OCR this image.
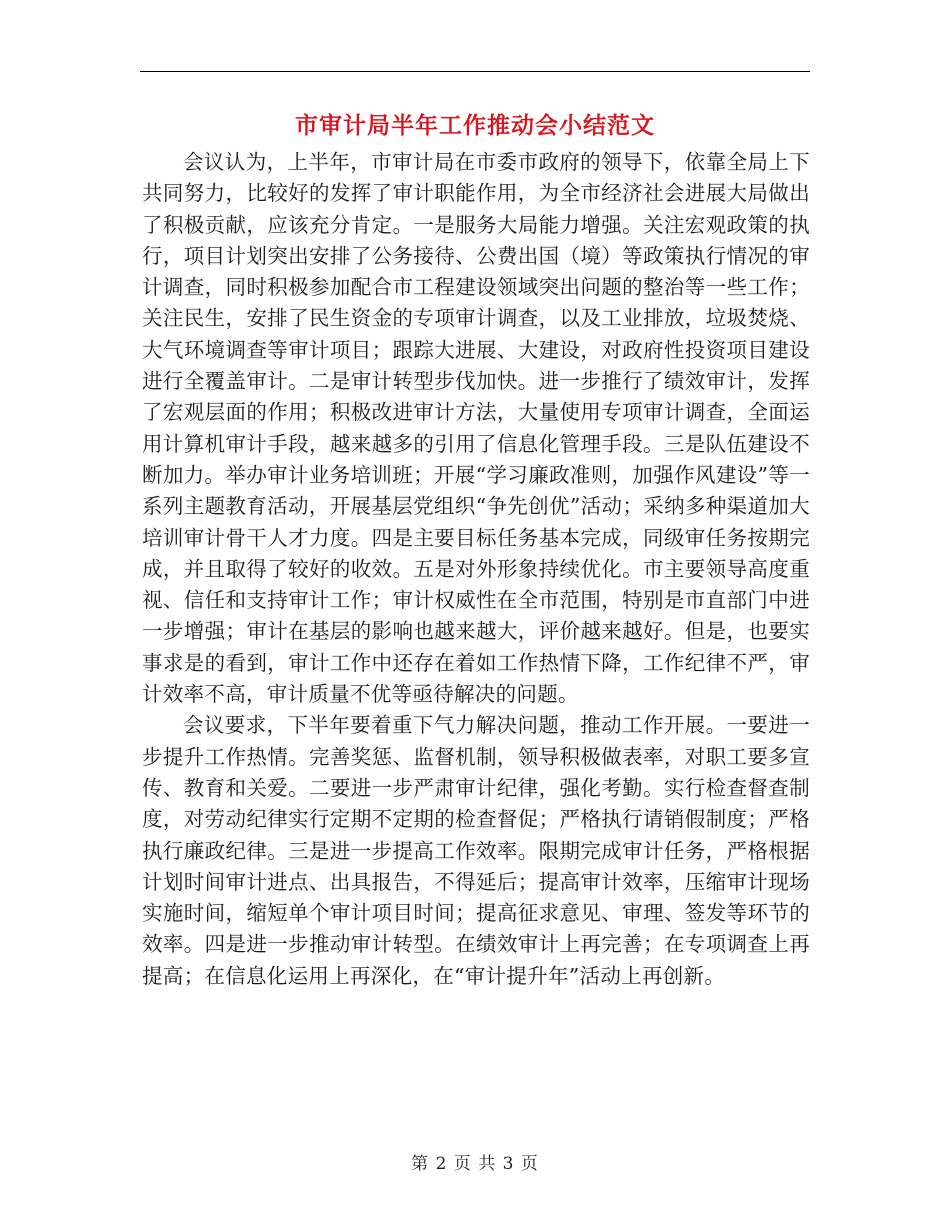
市审计局半年工作推动会小结范文

会议认为，上半年，市审计局在市委市政府的领导下，依靠全局上下共同努力，比较好的发挥了审计职能作用，为全市经济社会进展大局做出了积极贡献，应该充分肯定。一是服务大局能力增强。关注宏观政策的执行，项目计划突出安排了公务接待、公费出国（境）等政策执行情况的审计调查，同时积极参加配合市工程建设领域突出问题的整治等一些工作；关注民生，安排了民生资金的专项审计调查，以及工业排放，垃圾焚烧、大气环境调查等审计项目；跟踪大进展、大建设，对政府性投资项目建设进行全覆盖审计。二是审计转型步伐加快。进一步推行了绩效审计，发挥了宏观层面的作用；积极改进审计方法，大量使用专项审计调查，全面运用计算机审计手段，越来越多的引用了信息化管理手段。三是队伍建设不断加力。举办审计业务培训班；开展“学习廉政准则，加强作风建设”等一系列主题教育活动，开展基层党组织“争先创优”活动；采纳多种渠道加大培训审计骨干人才力度。四是主要目标任务基本完成，同级审任务按期完成，并且取得了较好的收效。五是对外形象持续优化。市主要领导高度重视、信任和支持审计工作；审计权威性在全市范围，特别是市直部门中进一步增强；审计在基层的影响也越来越大，评价越来越好。但是，也要实事求是的看到，审计工作中还存在着如工作热情下降，工作纪律不严，审计效率不高，审计质量不优等亟待解决的问题。

会议要求，下半年要着重下气力解决问题，推动工作开展。一要进一步提升工作热情。完善奖惩、监督机制，领导积极做表率，对职工要多宣传、教育和关爱。二要进一步严肃审计纪律，强化考勤。实行检查督查制度，对劳动纪律实行定期不定期的检查督促；严格执行请销假制度；严格执行廉政纪律。三是进一步提高工作效率。限期完成审计任务，严格根据计划时间审计进点、出具报告，不得延后；提高审计效率，压缩审计现场实施时间，缩短单个审计项目时间；提高征求意见、审理、签发等环节的效率。四是进一步推动审计转型。在绩效审计上再完善；在专项调查上再提高；在信息化运用上再深化，在“审计提升年”活动上再创新。

第 2 页 共 3 页
